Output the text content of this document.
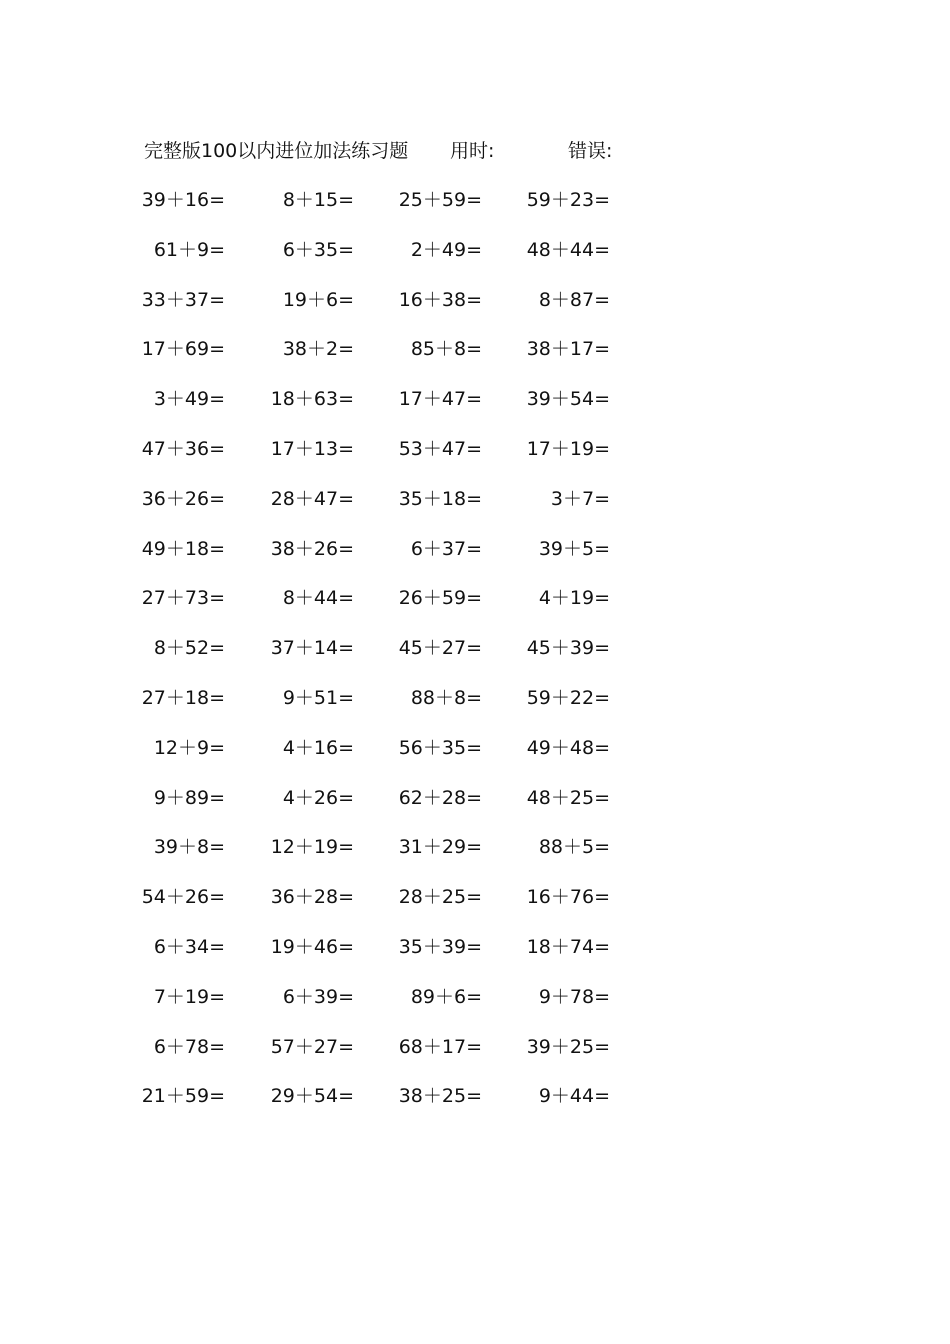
完整版100以内进位加法练习题 用时:	错误:
39＋16=	8＋15=	25＋59=	59＋23=
61＋9=	6＋35=	2＋49=	48＋44=
33＋37=	19＋6=	16＋38=	8＋87=
17＋69=	38＋2=	85＋8=	38＋17=
3＋49=	18＋63=	17＋47=	39＋54=
47＋36=	17＋13=	53＋47=	17＋19=
36＋26=	28＋47=	35＋18=	3＋7=
49＋18=	38＋26=	6＋37=	39＋5=
27＋73=	8＋44=	26＋59=	4＋19=
8＋52=	37＋14=	45＋27=	45＋39=
27＋18=	9＋51=	88＋8=	59＋22=
12＋9=	4＋16=	56＋35=	49＋48=
9＋89=	4＋26=	62＋28=	48＋25=
39＋8=	12＋19=	31＋29=	88＋5=
54＋26=	36＋28=	28＋25=	16＋76=
6＋34=	19＋46=	35＋39=	18＋74=
7＋19=	6＋39=	89＋6=	9＋78=
6＋78=	57＋27=	68＋17=	39＋25=
21＋59=	29＋54=	38＋25=	9＋44=
